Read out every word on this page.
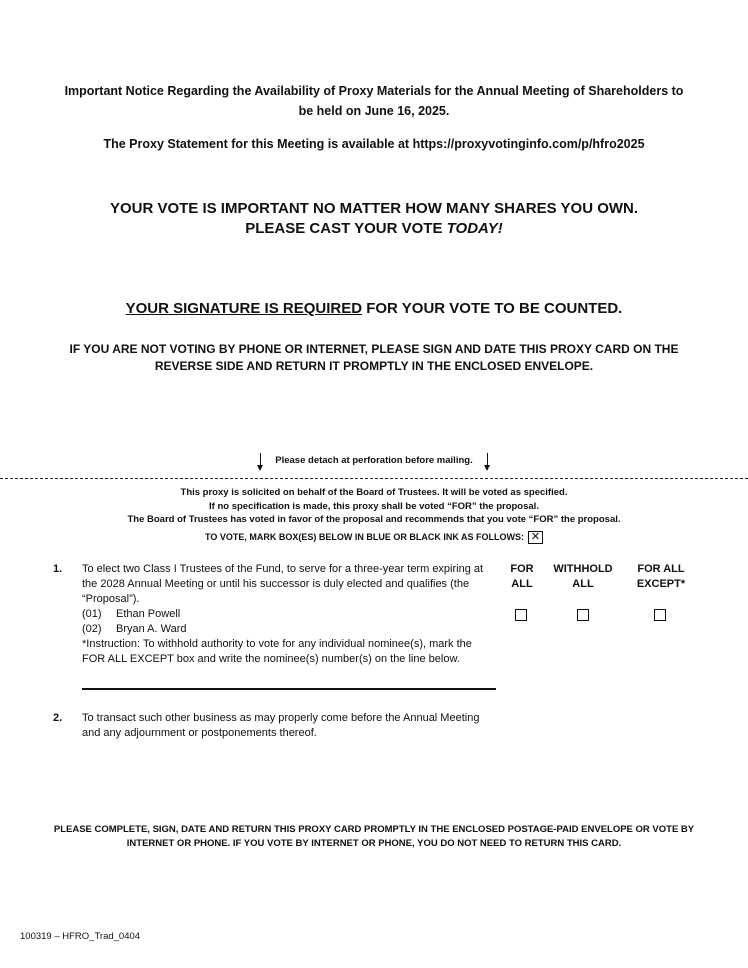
Important Notice Regarding the Availability of Proxy Materials for the Annual Meeting of Shareholders to
be held on June 16, 2025.
The Proxy Statement for this Meeting is available at https://proxyvotinginfo.com/p/hfro2025
YOUR VOTE IS IMPORTANT NO MATTER HOW MANY SHARES YOU OWN.
PLEASE CAST YOUR VOTE TODAY!
YOUR SIGNATURE IS REQUIRED FOR YOUR VOTE TO BE COUNTED.
IF YOU ARE NOT VOTING BY PHONE OR INTERNET, PLEASE SIGN AND DATE THIS PROXY CARD ON THE
REVERSE SIDE AND RETURN IT PROMPTLY IN THE ENCLOSED ENVELOPE.
Please detach at perforation before mailing.
This proxy is solicited on behalf of the Board of Trustees. It will be voted as specified.
If no specification is made, this proxy shall be voted “FOR” the proposal.
The Board of Trustees has voted in favor of the proposal and recommends that you vote “FOR” the proposal.
TO VOTE, MARK BOX(ES) BELOW IN BLUE OR BLACK INK AS FOLLOWS: ✕
1. To elect two Class I Trustees of the Fund, to serve for a three-year term expiring at
the 2028 Annual Meeting or until his successor is duly elected and qualifies (the
“Proposal”).
(01) Ethan Powell
(02) Bryan A. Ward
*Instruction: To withhold authority to vote for any individual nominee(s), mark the
FOR ALL EXCEPT box and write the nominee(s) number(s) on the line below.
FOR
ALL
WITHHOLD
ALL
FOR ALL
EXCEPT*
2. To transact such other business as may properly come before the Annual Meeting
and any adjournment or postponements thereof.
PLEASE COMPLETE, SIGN, DATE AND RETURN THIS PROXY CARD PROMPTLY IN THE ENCLOSED POSTAGE-PAID ENVELOPE OR VOTE BY
INTERNET OR PHONE. IF YOU VOTE BY INTERNET OR PHONE, YOU DO NOT NEED TO RETURN THIS CARD.
100319 – HFRO_Trad_0404
